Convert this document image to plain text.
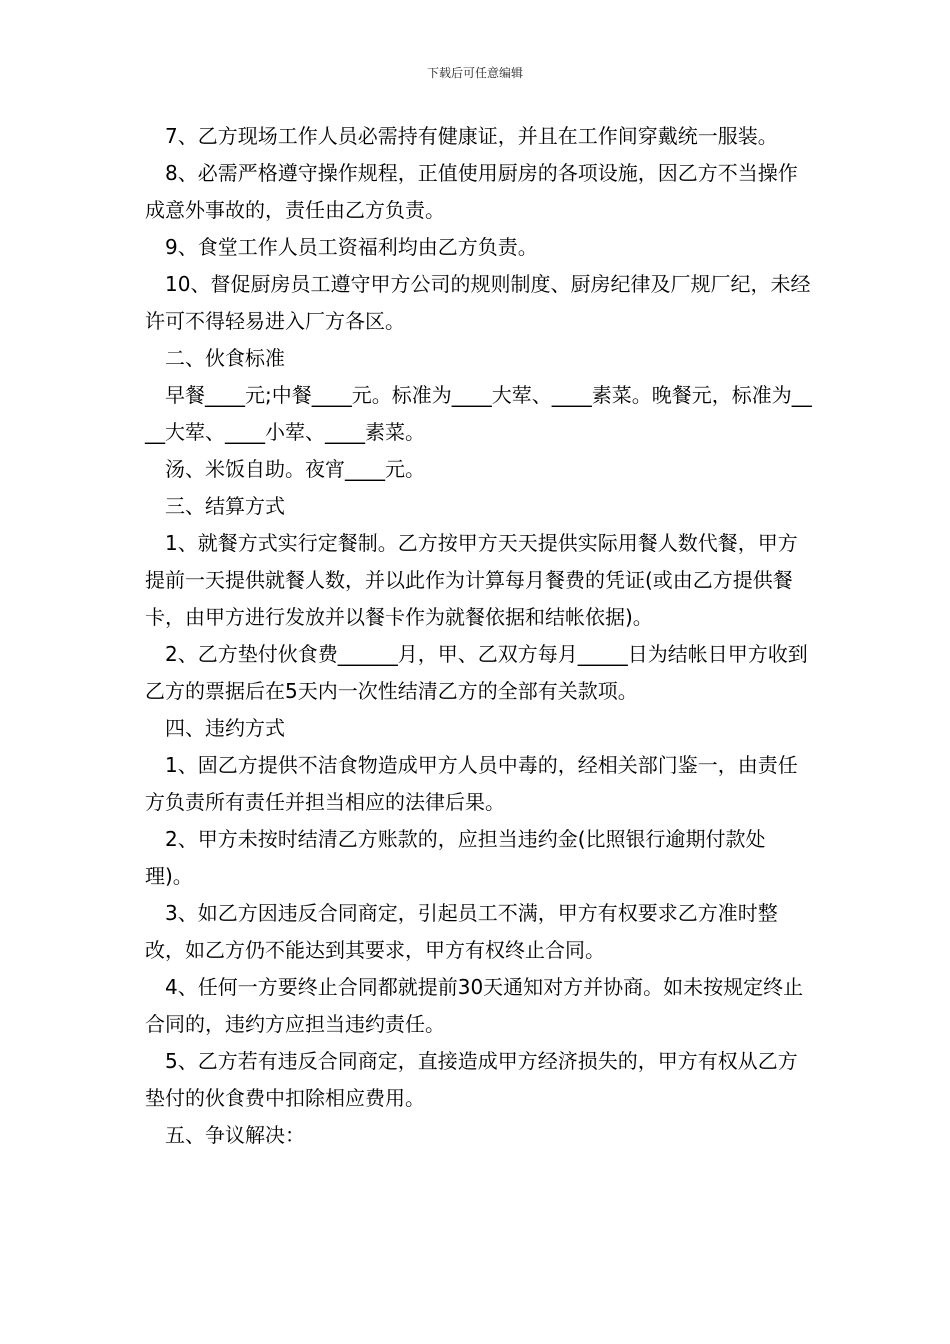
下载后可任意编辑

7、乙方现场工作人员必需持有健康证，并且在工作间穿戴统一服装。

8、必需严格遵守操作规程，正值使用厨房的各项设施，因乙方不当操作成意外事故的，责任由乙方负责。

9、食堂工作人员工资福利均由乙方负责。

10、督促厨房员工遵守甲方公司的规则制度、厨房纪律及厂规厂纪，未经许可不得轻易进入厂方各区。

二、伙食标准

早餐____元;中餐____元。标准为____大荤、____素菜。晚餐元，标准为____大荤、____小荤、____素菜。

汤、米饭自助。夜宵____元。

三、结算方式

1、就餐方式实行定餐制。乙方按甲方天天提供实际用餐人数代餐，甲方提前一天提供就餐人数，并以此作为计算每月餐费的凭证(或由乙方提供餐卡，由甲方进行发放并以餐卡作为就餐依据和结帐依据)。

2、乙方垫付伙食费______月，甲、乙双方每月_____日为结帐日甲方收到乙方的票据后在5天内一次性结清乙方的全部有关款项。

四、违约方式

1、固乙方提供不洁食物造成甲方人员中毒的，经相关部门鉴一，由责任方负责所有责任并担当相应的法律后果。

2、甲方未按时结清乙方账款的，应担当违约金(比照银行逾期付款处理)。

3、如乙方因违反合同商定，引起员工不满，甲方有权要求乙方准时整改，如乙方仍不能达到其要求，甲方有权终止合同。

4、任何一方要终止合同都就提前30天通知对方并协商。如未按规定终止合同的，违约方应担当违约责任。

5、乙方若有违反合同商定，直接造成甲方经济损失的，甲方有权从乙方垫付的伙食费中扣除相应费用。

五、争议解决：
